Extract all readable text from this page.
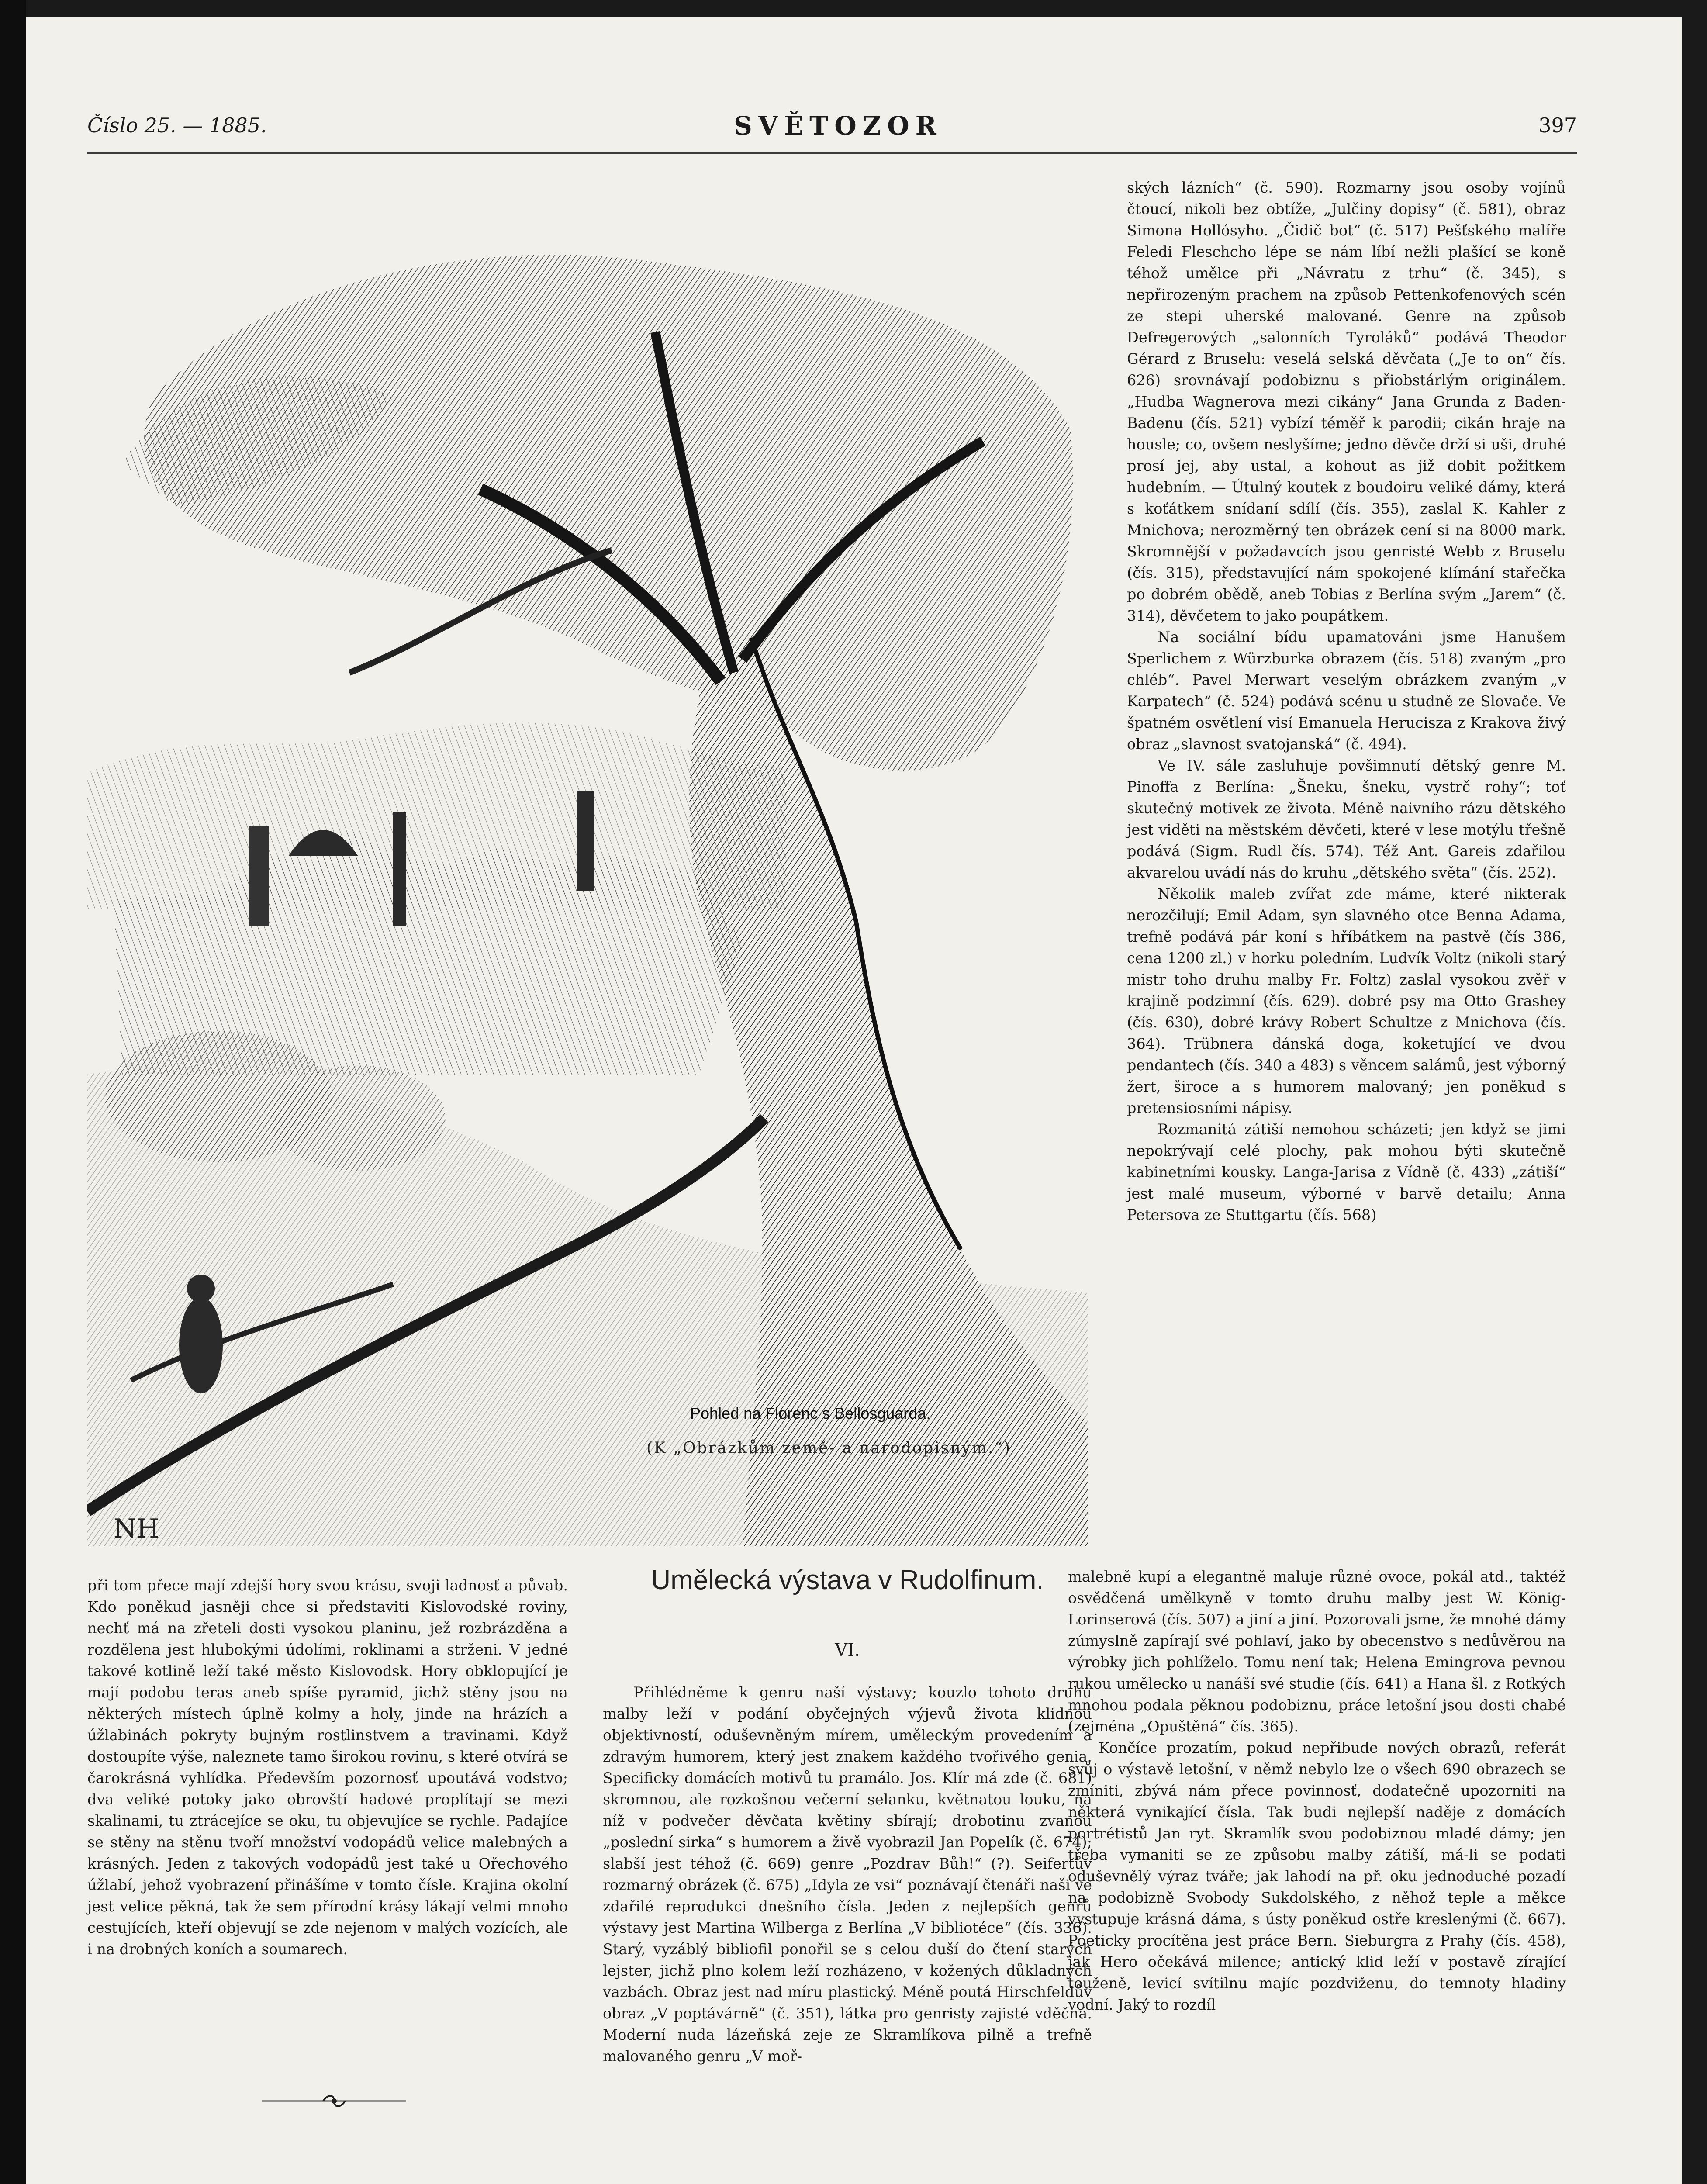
Číslo 25. — 1885.	SVĚTOZOR	397
NH
Pohled na Florenc s Bellosguarda.
(K „Obrázkům země- a národopisným.“)

ských lázních“ (č. 590). Rozmarny jsou osoby vojínů čtoucí, nikoli bez obtíže, „Julčiny dopisy“ (č. 581), obraz Simona Hollósyho. „Čidič bot“ (č. 517) Pešťského malíře Feledi Fleschcho lépe se nám líbí nežli plašící se koně téhož umělce při „Návratu z trhu“ (č. 345), s nepřirozeným prachem na způsob Pettenkofenových scén ze stepi uherské malované. Genre na způsob Defregerových „salonních Tyroláků“ podává Theodor Gérard z Bruselu: veselá selská děvčata („Je to on“ čís. 626) srovnávají podobiznu s přiobstárlým originálem. „Hudba Wagnerova mezi cikány“ Jana Grunda z Baden-Badenu (čís. 521) vybízí téměř k parodii; cikán hraje na housle; co, ovšem neslyšíme; jedno děvče drží si uši, druhé prosí jej, aby ustal, a kohout as již dobit požitkem hudebním. — Útulný koutek z boudoiru veliké dámy, která s koťátkem snídaní sdílí (čís. 355), zaslal K. Kahler z Mnichova; nerozměrný ten obrázek cení si na 8000 mark. Skromnější v požadavcích jsou genristé Webb z Bruselu (čís. 315), představující nám spokojené klímání stařečka po dobrém obědě, aneb Tobias z Berlína svým „Jarem“ (č. 314), děvčetem to jako poupátkem.

Na sociální bídu upamatováni jsme Hanušem Sperlichem z Würzburka obrazem (čís. 518) zvaným „pro chléb“. Pavel Merwart veselým obrázkem zvaným „v Karpatech“ (č. 524) podává scénu u studně ze Slovače. Ve špatném osvětlení visí Emanuela Herucisza z Krakova živý obraz „slavnost svatojanská“ (č. 494).

Ve IV. sále zasluhuje povšimnutí dětský genre M. Pinoffa z Berlína: „Šneku, šneku, vystrč rohy“; toť skutečný motivek ze života. Méně naivního rázu dětského jest viděti na městském děvčeti, které v lese motýlu třešně podává (Sigm. Rudl čís. 574). Též Ant. Gareis zdařilou akvarelou uvádí nás do kruhu „dětského světa“ (čís. 252).

Několik maleb zvířat zde máme, které nikterak nerozčilují; Emil Adam, syn slavného otce Benna Adama, trefně podává pár koní s hříbátkem na pastvě (čís 386, cena 1200 zl.) v horku poledním. Ludvík Voltz (nikoli starý mistr toho druhu malby Fr. Foltz) zaslal vysokou zvěř v krajině podzimní (čís. 629). dobré psy ma Otto Grashey (čís. 630), dobré krávy Robert Schultze z Mnichova (čís. 364). Trübnera dánská doga, koketující ve dvou pendantech (čís. 340 a 483) s věncem salámů, jest výborný žert, široce a s humorem malovaný; jen poněkud s pretensiosními nápisy.

Rozmanitá zátiší nemohou scházeti; jen když se jimi nepokrývají celé plochy, pak mohou býti skutečně kabinetními kousky. Langa-Jarisa z Vídně (č. 433) „zátiší“ jest malé museum, výborné v barvě detailu; Anna Petersova ze Stuttgartu (čís. 568)

při tom přece mají zdejší hory svou krásu, svoji ladnosť a půvab. Kdo poněkud jasněji chce si představiti Kislovodské roviny, nechť má na zřeteli dosti vysokou planinu, jež rozbrázděna a rozdělena jest hlubokými údolími, roklinami a strženi. V jedné takové kotlině leží také město Kislovodsk. Hory obklopující je mají podobu teras aneb spíše pyramid, jichž stěny jsou na některých místech úplně kolmy a holy, jinde na hrázích a úžlabinách pokryty bujným rostlinstvem a travinami. Když dostoupíte výše, naleznete tamo širokou rovinu, s které otvírá se čarokrásná vyhlídka. Především pozornosť upoutává vodstvo; dva veliké potoky jako obrovští hadové proplítají se mezi skalinami, tu ztrácejíce se oku, tu objevujíce se rychle. Padajíce se stěny na stěnu tvoří množství vodopádů velice malebných a krásných. Jeden z takových vodopádů jest také u Ořechového úžlabí, jehož vyobrazení přinášíme v tomto čísle. Krajina okolní jest velice pěkná, tak že sem přírodní krásy lákají velmi mnoho cestujících, kteří objevují se zde nejenom v malých vozících, ale i na drobných koních a soumarech.

Umělecká výstava v Rudolfinum.
VI.

Přihlédněme k genru naší výstavy; kouzlo tohoto druhu malby leží v podání obyčejných výjevů života klidnou objektivností, oduševněným mírem, uměleckým provedením a zdravým humorem, který jest znakem každého tvořivého genia. Specificky domácích motivů tu pramálo. Jos. Klír má zde (č. 681) skromnou, ale rozkošnou večerní selanku, květnatou louku, na níž v podvečer děvčata květiny sbírají; drobotinu zvanou „poslední sirka“ s humorem a živě vyobrazil Jan Popelík (č. 674); slabší jest téhož (č. 669) genre „Pozdrav Bůh!“ (?). Seifertův rozmarný obrázek (č. 675) „Idyla ze vsi“ poznávají čtenáři naši ve zdařilé reprodukci dnešního čísla. Jeden z nejlepších genrů výstavy jest Martina Wilberga z Berlína „V bibliotéce“ (čís. 336). Starý, vyzáblý bibliofil ponořil se s celou duší do čtení starých lejster, jichž plno kolem leží rozházeno, v kožených důkladných vazbách. Obraz jest nad míru plastický. Méně poutá Hirschfeldův obraz „V poptávárně“ (č. 351), látka pro genristy zajisté vděčná. Moderní nuda lázeňská zeje ze Skramlíkova pilně a trefně malovaného genru „V moř-

malebně kupí a elegantně maluje různé ovoce, pokál atd., taktéž osvědčená umělkyně v tomto druhu malby jest W. König-Lorinserová (čís. 507) a jiní a jiní. Pozorovali jsme, že mnohé dámy zúmyslně zapírají své pohlaví, jako by obecenstvo s nedůvěrou na výrobky jich pohlíželo. Tomu není tak; Helena Emingrova pevnou rukou umělecko u nanáší své studie (čís. 641) a Hana šl. z Rotkých mnohou podala pěknou podobiznu, práce letošní jsou dosti chabé (zejména „Opuštěná“ čís. 365).

Končíce prozatím, pokud nepřibude nových obrazů, referát svůj o výstavě letošní, v němž nebylo lze o všech 690 obrazech se zmíniti, zbývá nám přece povinnosť, dodatečně upozorniti na některá vynikající čísla. Tak budi nejlepší naděje z domácích portrétistů Jan ryt. Skramlík svou podobiznou mladé dámy; jen třeba vymaniti se ze způsobu malby zátiší, má-li se podati oduševnělý výraz tváře; jak lahodí na př. oku jednoduché pozadí na podobizně Svobody Sukdolského, z něhož teple a měkce vystupuje krásná dáma, s ústy poněkud ostře kreslenými (č. 667). Poeticky procítěna jest práce Bern. Sieburgra z Prahy (čís. 458), jak Hero očekává milence; antický klid leží v postavě zírající touženě, levicí svítilnu majíc pozdviženu, do temnoty hladiny vodní. Jaký to rozdíl
